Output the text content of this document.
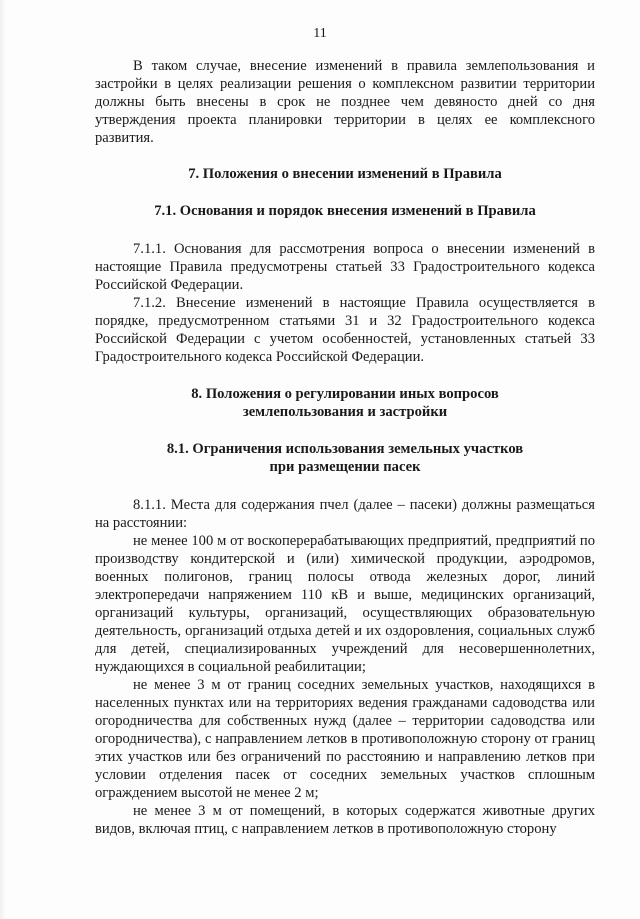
11

В таком случае, внесение изменений в правила землепользования и застройки в целях реализации решения о комплексном развитии территории должны быть внесены в срок не позднее чем девяносто дней со дня утверждения проекта планировки территории в целях ее комплексного развития.

7. Положения о внесении изменений в Правила
7.1. Основания и порядок внесения изменений в Правила

7.1.1. Основания для рассмотрения вопроса о внесении изменений в настоящие Правила предусмотрены статьей 33 Градостроительного кодекса Российской Федерации.

7.1.2. Внесение изменений в настоящие Правила осуществляется в порядке, предусмотренном статьями 31 и 32 Градостроительного кодекса Российской Федерации с учетом особенностей, установленных статьей 33 Градостроительного кодекса Российской Федерации.

8. Положения о регулировании иных вопросов
землепользования и застройки
8.1. Ограничения использования земельных участков
при размещении пасек

8.1.1. Места для содержания пчел (далее – пасеки) должны размещаться на расстоянии:

не менее 100 м от воскоперерабатывающих предприятий, предприятий по производству кондитерской и (или) химической продукции, аэродромов, военных полигонов, границ полосы отвода железных дорог, линий электропередачи напряжением 110 кВ и выше, медицинских организаций, организаций культуры, организаций, осуществляющих образовательную деятельность, организаций отдыха детей и их оздоровления, социальных служб для детей, специализированных учреждений для несовершеннолетних, нуждающихся в социальной реабилитации;

не менее 3 м от границ соседних земельных участков, находящихся в населенных пунктах или на территориях ведения гражданами садоводства или огородничества для собственных нужд (далее – территории садоводства или огородничества), с направлением летков в противоположную сторону от границ этих участков или без ограничений по расстоянию и направлению летков при условии отделения пасек от соседних земельных участков сплошным ограждением высотой не менее 2 м;

не менее 3 м от помещений, в которых содержатся животные других видов, включая птиц, с направлением летков в противоположную сторону
